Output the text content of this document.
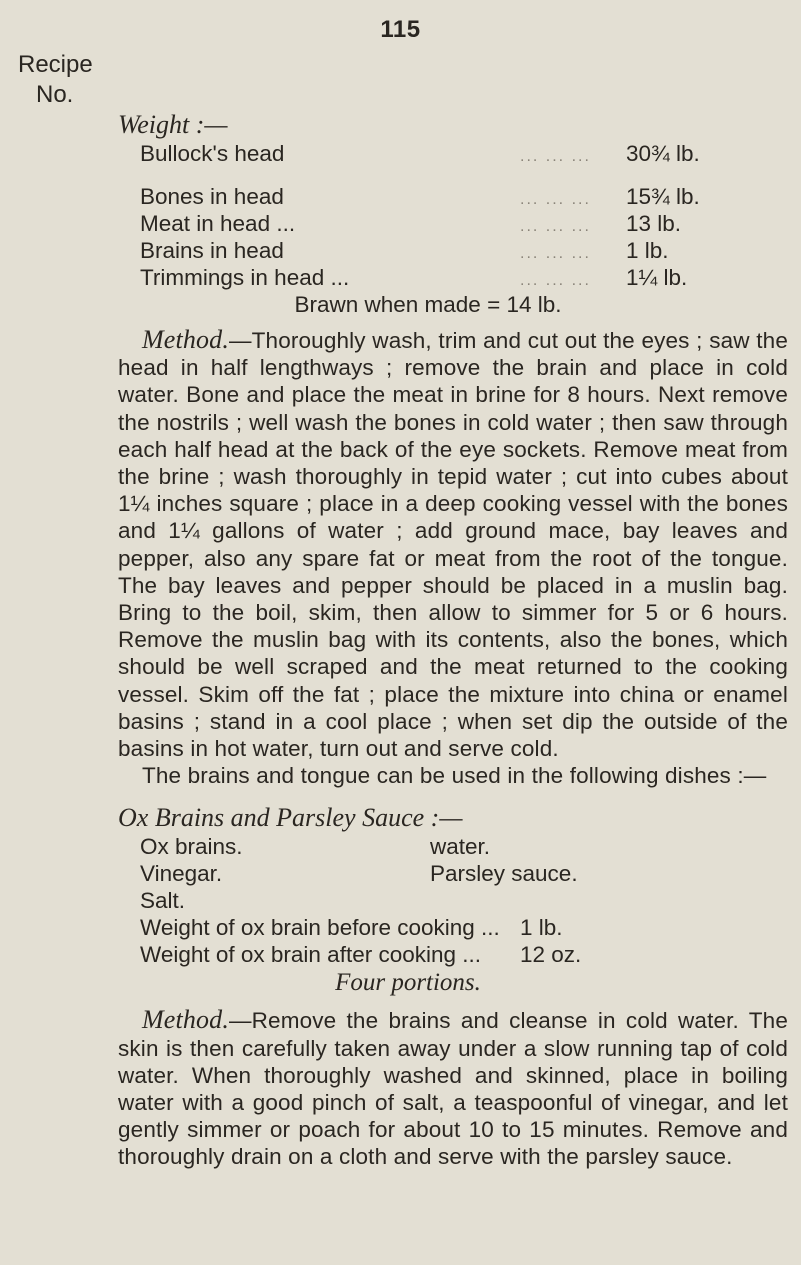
115
Recipe
No.
Weight :—
Bullock's head	... ... ...	30¾ lb.
Bones in head	... ... ...	15¾ lb.
Meat in head ...	... ... ...	13 lb.
Brains in head	... ... ...	1 lb.
Trimmings in head ...	... ... ...	1¼ lb.
Brawn when made = 14 lb.

Method.—Thoroughly wash, trim and cut out the eyes ; saw the head in half lengthways ; remove the brain and place in cold water. Bone and place the meat in brine for 8 hours. Next remove the nostrils ; well wash the bones in cold water ; then saw through each half head at the back of the eye sockets. Remove meat from the brine ; wash thoroughly in tepid water ; cut into cubes about 1¼ inches square ; place in a deep cooking vessel with the bones and 1¼ gallons of water ; add ground mace, bay leaves and pepper, also any spare fat or meat from the root of the tongue. The bay leaves and pepper should be placed in a muslin bag. Bring to the boil, skim, then allow to simmer for 5 or 6 hours. Remove the muslin bag with its contents, also the bones, which should be well scraped and the meat returned to the cooking vessel. Skim off the fat ; place the mixture into china or enamel basins ; stand in a cool place ; when set dip the outside of the basins in hot water, turn out and serve cold.

The brains and tongue can be used in the following dishes :—

Ox Brains and Parsley Sauce :—
Ox brains.	water.
Vinegar.	Parsley sauce.
Salt.
Weight of ox brain before cooking ... 1 lb.
Weight of ox brain after cooking ...	12 oz.
Four portions.

Method.—Remove the brains and cleanse in cold water. The skin is then carefully taken away under a slow running tap of cold water. When thoroughly washed and skinned, place in boiling water with a good pinch of salt, a teaspoonful of vinegar, and let gently simmer or poach for about 10 to 15 minutes. Remove and thoroughly drain on a cloth and serve with the parsley sauce.
